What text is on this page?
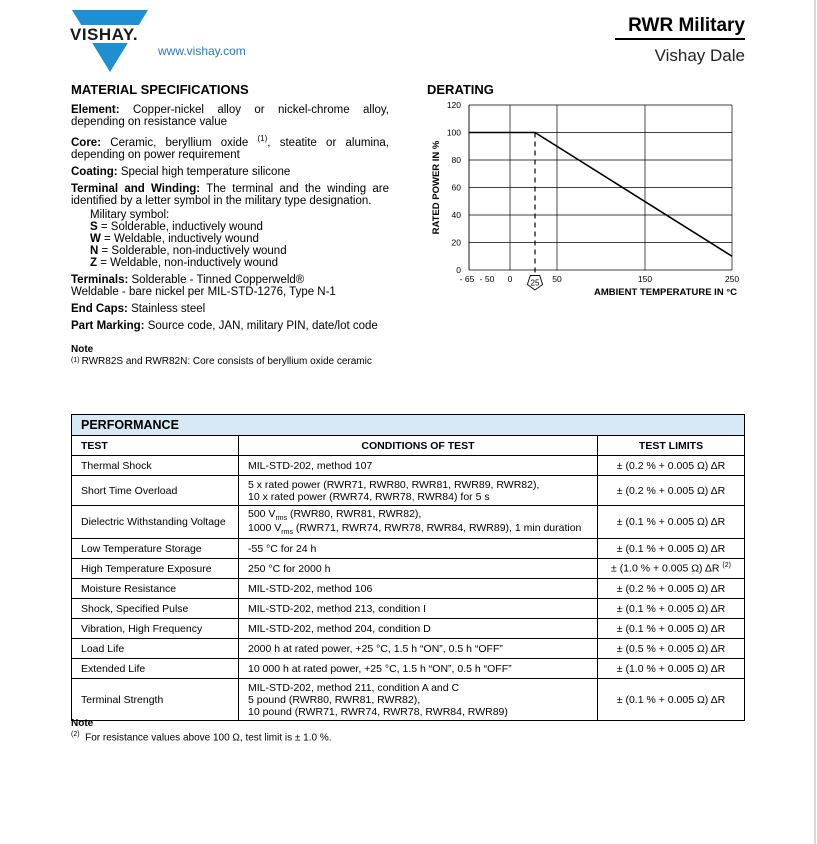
VISHAY.
www.vishay.com
RWR Military
Vishay Dale
MATERIAL SPECIFICATIONS

Element: Copper-nickel alloy or nickel-chrome alloy, depending on resistance value

Core: Ceramic, beryllium oxide $^{(1)}$, steatite or alumina, depending on power requirement

Coating: Special high temperature silicone

Terminal and Winding: The terminal and the winding are identified by a letter symbol in the military type designation.

Military symbol:
S = Solderable, inductively wound
W = Weldable, inductively wound
N = Solderable, non-inductively wound
Z = Weldable, non-inductively wound

Terminals: Solderable - Tinned Copperweld®
Weldable - bare nickel per MIL-STD-1276, Type N-1

End Caps: Stainless steel

Part Marking: Source code, JAN, military PIN, date/lot code

Note
(1) RWR82S and RWR82N: Core consists of beryllium oxide ceramic
DERATING
0
20
40
60
80
100
120
- 65 - 50 0	50	150	250
25
RATED POWER IN %
AMBIENT TEMPERATURE IN °C
PERFORMANCE		
TEST	CONDITIONS OF TEST	TEST LIMITS
Thermal Shock	MIL-STD-202, method 107	± (0.2 % + 0.005 Ω) ΔR
Short Time Overload	5 x rated power (RWR71, RWR80, RWR81, RWR89, RWR82),
10 x rated power (RWR74, RWR78, RWR84) for 5 s	± (0.2 % + 0.005 Ω) ΔR
Dielectric Withstanding Voltage	500 $V_{rms}$ (RWR80, RWR81, RWR82),
1000 $V_{rms}$ (RWR71, RWR74, RWR78, RWR84, RWR89), 1 min duration	± (0.1 % + 0.005 Ω) ΔR
Low Temperature Storage	-55 °C for 24 h	± (0.1 % + 0.005 Ω) ΔR
High Temperature Exposure	250 °C for 2000 h	± (1.0 % + 0.005 Ω) ΔR $^{(2)}$
Moisture Resistance	MIL-STD-202, method 106	± (0.2 % + 0.005 Ω) ΔR
Shock, Specified Pulse	MIL-STD-202, method 213, condition I	± (0.1 % + 0.005 Ω) ΔR
Vibration, High Frequency	MIL-STD-202, method 204, condition D	± (0.1 % + 0.005 Ω) ΔR
Load Life	2000 h at rated power, +25 °C, 1.5 h “ON”, 0.5 h “OFF”	± (0.5 % + 0.005 Ω) ΔR
Extended Life	10 000 h at rated power, +25 °C, 1.5 h “ON”, 0.5 h “OFF”	± (1.0 % + 0.005 Ω) ΔR
Terminal Strength	MIL-STD-202, method 211, condition A and C
5 pound (RWR80, RWR81, RWR82),
10 pound (RWR71, RWR74, RWR78, RWR84, RWR89)	± (0.1 % + 0.005 Ω) ΔR
Note
$^{(2)}$ For resistance values above 100 Ω, test limit is ± 1.0 %.
